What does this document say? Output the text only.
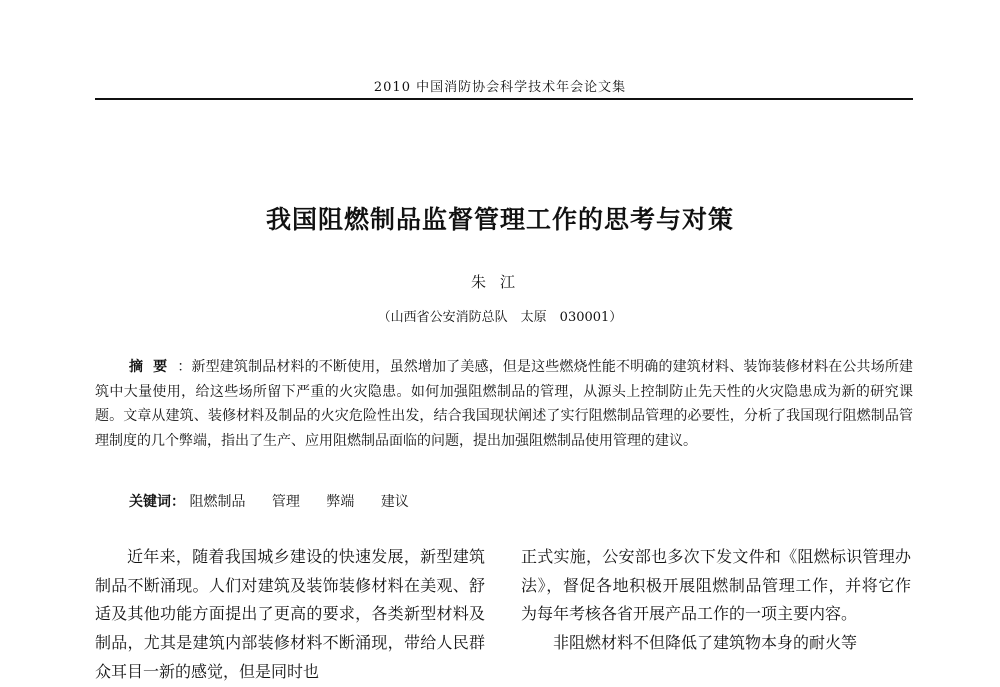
2010 中国消防协会科学技术年会论文集
我国阻燃制品监督管理工作的思考与对策
朱江
（山西省公安消防总队　太原　030001）

摘要：新型建筑制品材料的不断使用，虽然增加了美感，但是这些燃烧性能不明确的建筑材料、装饰装修材料在公共场所建筑中大量使用，给这些场所留下严重的火灾隐患。如何加强阻燃制品的管理，从源头上控制防止先天性的火灾隐患成为新的研究课题。文章从建筑、装修材料及制品的火灾危险性出发，结合我国现状阐述了实行阻燃制品管理的必要性，分析了我国现行阻燃制品管理制度的几个弊端，指出了生产、应用阻燃制品面临的问题，提出加强阻燃制品使用管理的建议。

关键词： 阻燃制品 管理 弊端 建议

近年来，随着我国城乡建设的快速发展，新型建筑制品不断涌现。人们对建筑及装饰装修材料在美观、舒适及其他功能方面提出了更高的要求，各类新型材料及制品，尤其是建筑内部装修材料不断涌现，带给人民群众耳目一新的感觉，但是同时也

正式实施，公安部也多次下发文件和《阻燃标识管理办法》，督促各地积极开展阻燃制品管理工作，并将它作为每年考核各省开展产品工作的一项主要内容。

非阻燃材料不但降低了建筑物本身的耐火等
